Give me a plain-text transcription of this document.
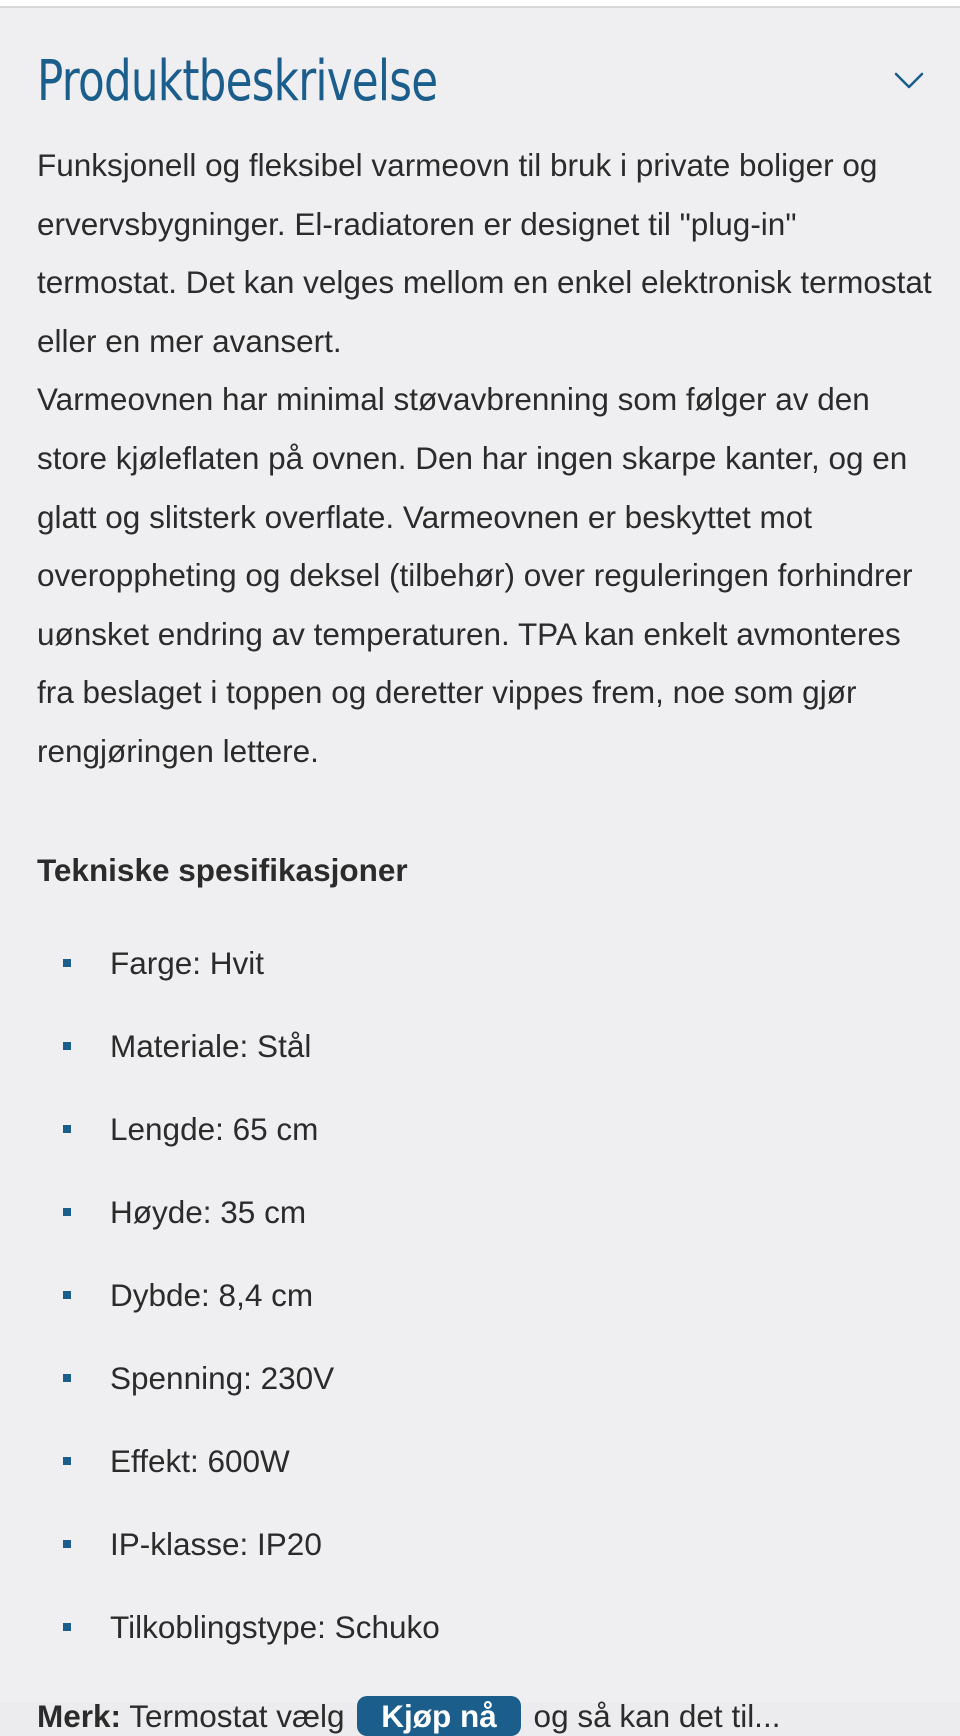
Produktbeskrivelse

Funksjonell og fleksibel varmeovn til bruk i private boliger og ervervsbygninger. El-radiatoren er designet til "plug-in" termostat. Det kan velges mellom en enkel elektronisk termostat eller en mer avansert.

Varmeovnen har minimal støvavbrenning som følger av den store kjøleflaten på ovnen. Den har ingen skarpe kanter, og en glatt og slitsterk overflate. Varmeovnen er beskyttet mot overoppheting og deksel (tilbehør) over reguleringen forhindrer uønsket endring av temperaturen. TPA kan enkelt avmonteres fra beslaget i toppen og deretter vippes frem, noe som gjør rengjøringen lettere.

Tekniske spesifikasjoner
Farge: Hvit
Materiale: Stål
Lengde: 65 cm
Høyde: 35 cm
Dybde: 8,4 cm
Spenning: 230V
Effekt: 600W
IP-klasse: IP20
Tilkoblingstype: Schuko
Merk: Termostat vælg Kjøp nå og så kan det til...
